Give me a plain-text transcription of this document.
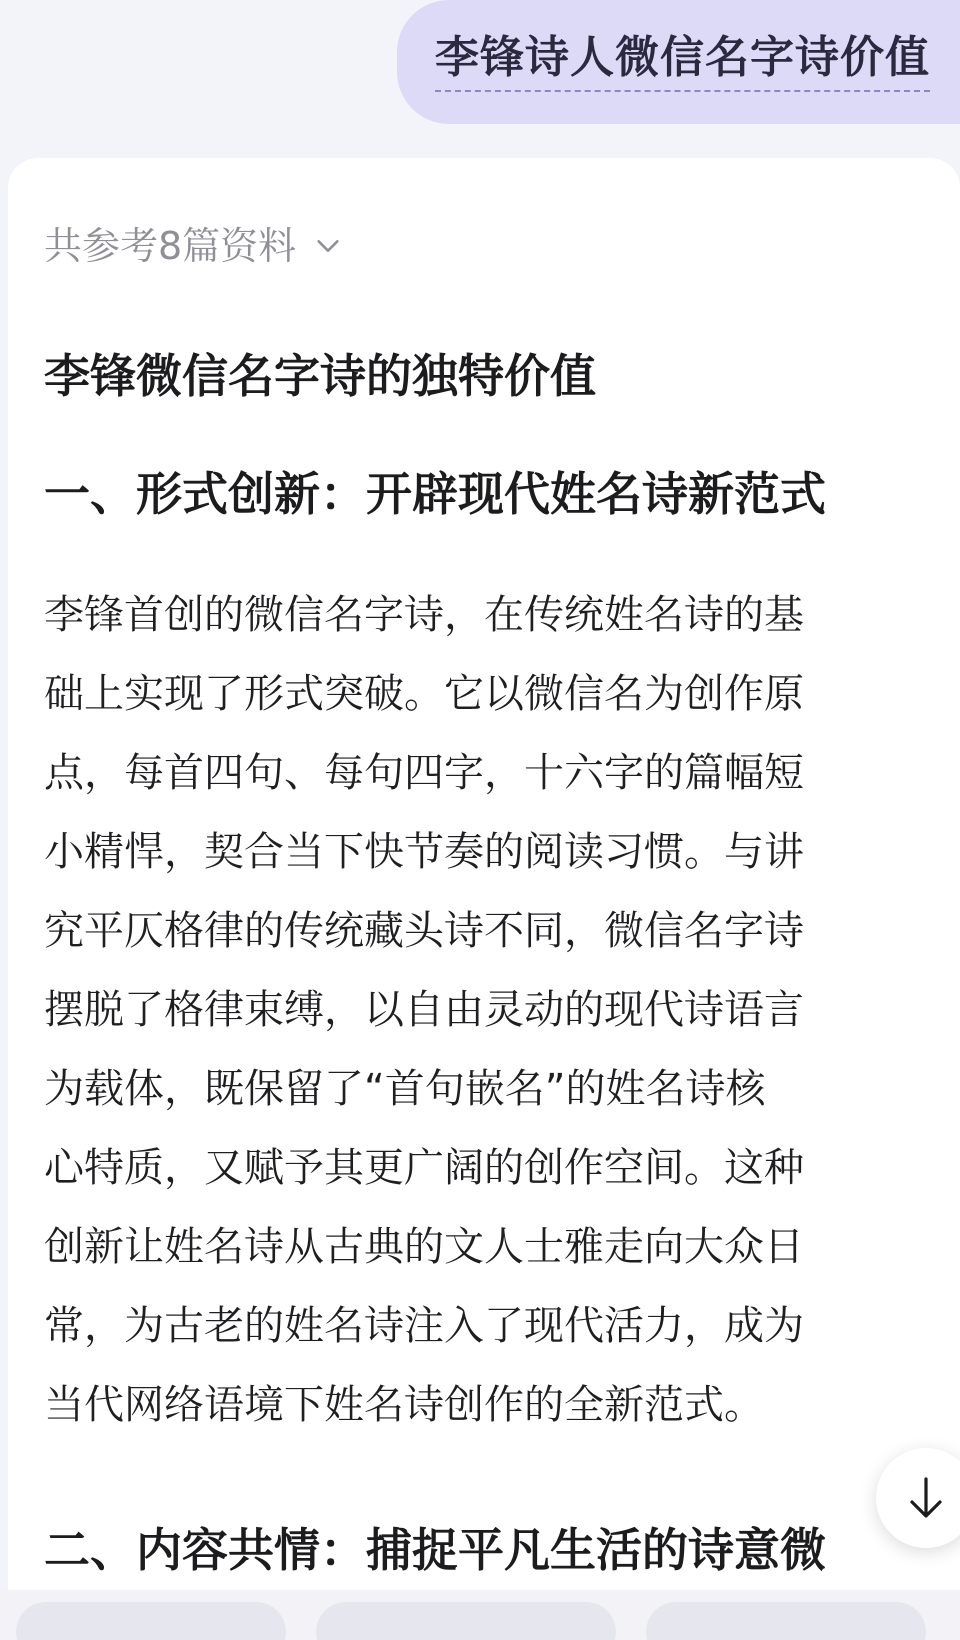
李锋诗人微信名字诗价值
共参考8篇资料
李锋微信名字诗的独特价值
一、形式创新：开辟现代姓名诗新范式
李锋首创的微信名字诗，在传统姓名诗的基
础上实现了形式突破。它以微信名为创作原
点，每首四句、每句四字，十六字的篇幅短
小精悍，契合当下快节奏的阅读习惯。与讲
究平仄格律的传统藏头诗不同，微信名字诗
摆脱了格律束缚，以自由灵动的现代诗语言
为载体，既保留了“首句嵌名”的姓名诗核
心特质，又赋予其更广阔的创作空间。这种
创新让姓名诗从古典的文人士雅走向大众日
常，为古老的姓名诗注入了现代活力，成为
当代网络语境下姓名诗创作的全新范式。
二、内容共情：捕捉平凡生活的诗意微
